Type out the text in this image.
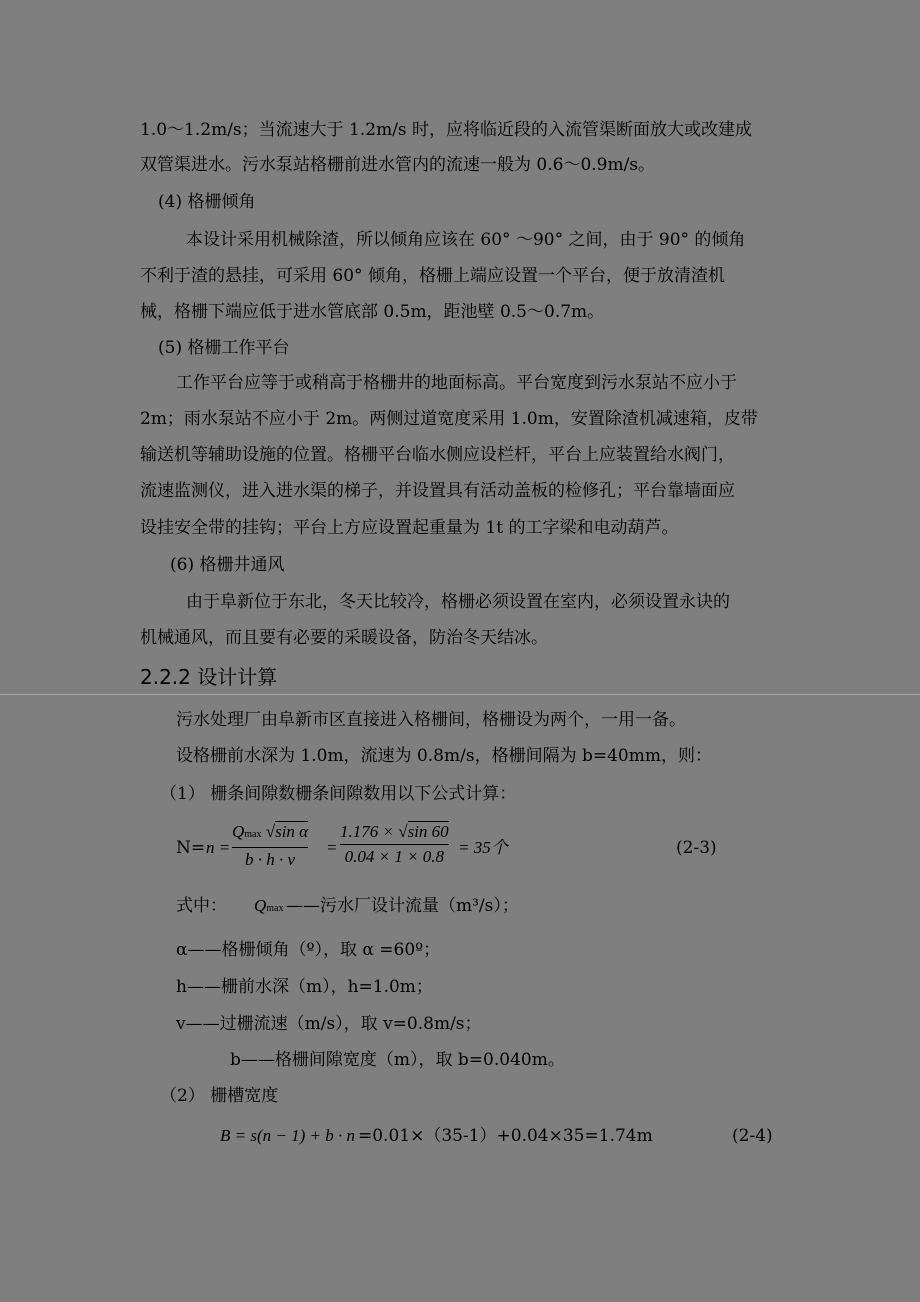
1.0～1.2m/s；当流速大于 1.2m/s 时，应将临近段的入流管渠断面放大或改建成

双管渠进水。污水泵站格栅前进水管内的流速一般为 0.6～0.9m/s。

(4) 格栅倾角

本设计采用机械除渣，所以倾角应该在 60° ～90° 之间，由于 90° 的倾角

不利于渣的悬挂，可采用 60° 倾角，格栅上端应设置一个平台，便于放清渣机

械，格栅下端应低于进水管底部 0.5m，距池壁 0.5～0.7m。

(5) 格栅工作平台

工作平台应等于或稍高于格栅井的地面标高。平台宽度到污水泵站不应小于

2m；雨水泵站不应小于 2m。两侧过道宽度采用 1.0m，安置除渣机减速箱，皮带

输送机等辅助设施的位置。格栅平台临水侧应设栏杆，平台上应装置给水阀门，

流速监测仪，进入进水渠的梯子，并设置具有活动盖板的检修孔；平台靠墙面应

设挂安全带的挂钩；平台上方应设置起重量为 1t 的工字梁和电动葫芦。

(6) 格栅井通风

由于阜新位于东北，冬天比较冷，格栅必须设置在室内，必须设置永诀的

机械通风，而且要有必要的采暖设备，防治冬天结冰。

2.2.2 设计计算

污水处理厂由阜新市区直接进入格栅间，格栅设为两个，一用一备。

设格栅前水深为 1.0m，流速为 0.8m/s，格栅间隔为 b=40mm，则：

（1） 栅条间隙数栅条间隙数用以下公式计算：

N= n =
Qmax √sin α
b · h · v
=
1.176 × √sin 60
0.04 × 1 × 0.8 = 35个	(2-3)
式中： Qmax ——污水厂设计流量（m³/s）；

α——格栅倾角（º），取 α =60º；

h——栅前水深（m），h=1.0m；

v——过栅流速（m/s），取 v=0.8m/s；

b——格栅间隙宽度（m），取 b=0.040m。

（2） 栅槽宽度

B = s(n − 1) + b · n =0.01×（35-1）+0.04×35=1.74m	(2-4)
